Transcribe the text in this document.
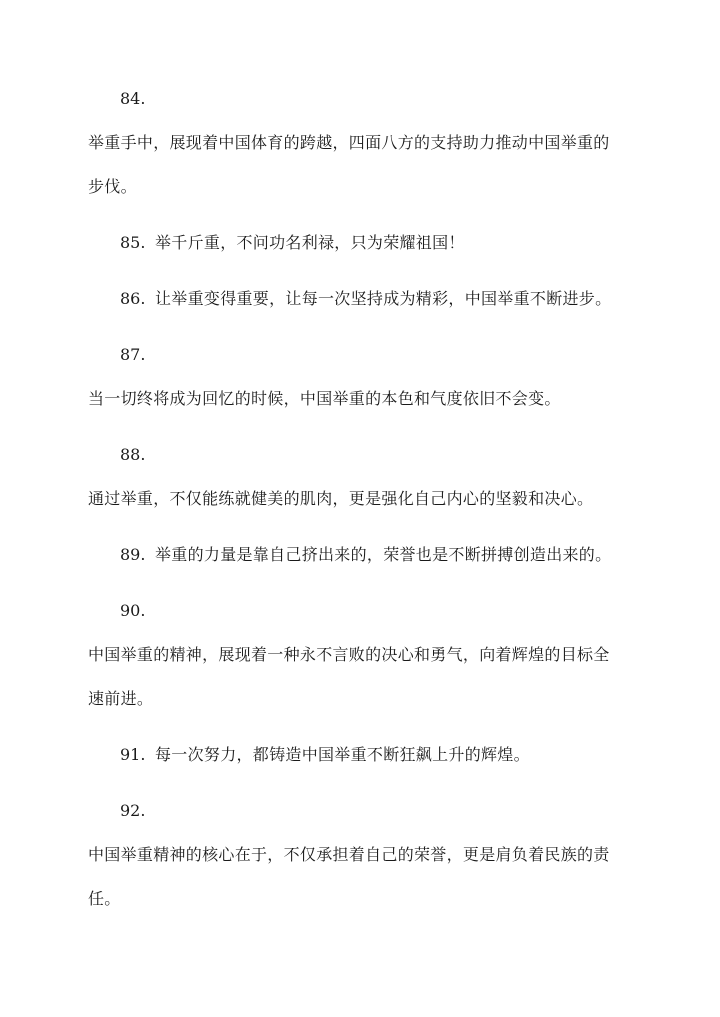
84.
举重手中，展现着中国体育的跨越，四面八方的支持助力推动中国举重的
步伐。
85. 举千斤重，不问功名利禄，只为荣耀祖国！
86. 让举重变得重要，让每一次坚持成为精彩，中国举重不断进步。
87.
当一切终将成为回忆的时候，中国举重的本色和气度依旧不会变。
88.
通过举重，不仅能练就健美的肌肉，更是强化自己内心的坚毅和决心。
89. 举重的力量是靠自己挤出来的，荣誉也是不断拼搏创造出来的。
90.
中国举重的精神，展现着一种永不言败的决心和勇气，向着辉煌的目标全
速前进。
91. 每一次努力，都铸造中国举重不断狂飙上升的辉煌。
92.
中国举重精神的核心在于，不仅承担着自己的荣誉，更是肩负着民族的责
任。
